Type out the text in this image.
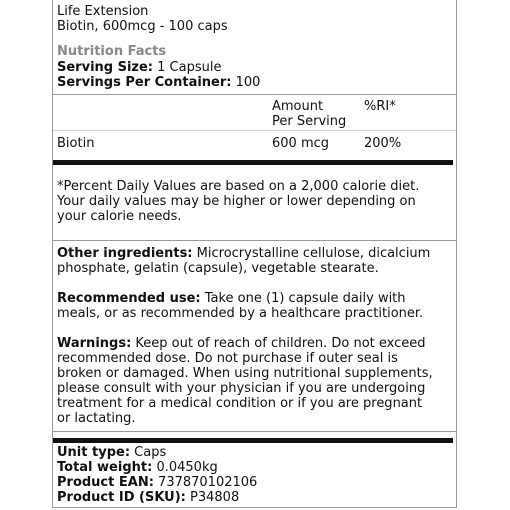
Life Extension
Biotin, 600mcg - 100 caps
Nutrition Facts
Serving Size: 1 Capsule
Servings Per Container: 100
Amount
Per Serving
%RI*
Biotin	600 mcg	200%
*Percent Daily Values are based on a 2,000 calorie diet.
Your daily values may be higher or lower depending on
your calorie needs.
Other ingredients: Microcrystalline cellulose, dicalcium
phosphate, gelatin (capsule), vegetable stearate.
Recommended use: Take one (1) capsule daily with
meals, or as recommended by a healthcare practitioner.
Warnings: Keep out of reach of children. Do not exceed
recommended dose. Do not purchase if outer seal is
broken or damaged. When using nutritional supplements,
please consult with your physician if you are undergoing
treatment for a medical condition or if you are pregnant
or lactating.
Unit type: Caps
Total weight: 0.0450kg
Product EAN: 737870102106
Product ID (SKU): P34808
